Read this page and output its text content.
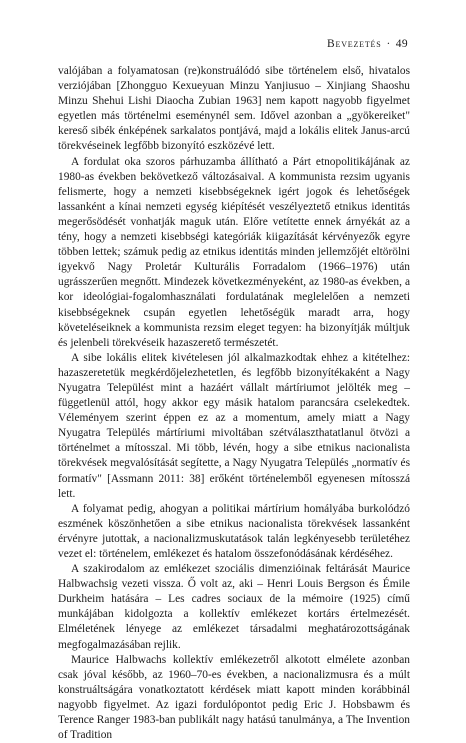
Bevezetés · 49

valójában a folyamatosan (re)konstruálódó sibe történelem első, hivatalos verziójában [Zhongguo Kexueyuan Minzu Yanjiusuo – Xinjiang Shaoshu Minzu Shehui Lishi Diaocha Zubian 1963] nem kapott nagyobb figyelmet egyetlen más történelmi eseménynél sem. Idővel azonban a „gyökereiket" kereső sibék énképének sarkalatos pontjává, majd a lokális elitek Janus-arcú törekvéseinek legfőbb bizonyító eszközévé lett.

A fordulat oka szoros párhuzamba állítható a Párt etnopolitikájának az 1980-as években bekövetkező változásaival. A kommunista rezsim ugyanis felismerte, hogy a nemzeti kisebbségeknek igért jogok és lehetőségek lassanként a kínai nemzeti egység kiépítését veszélyeztető etnikus identitás megerősödését vonhatják maguk után. Előre vetítette ennek árnyékát az a tény, hogy a nemzeti kisebbségi kategóriák kiigazítását kérvényezők egyre többen lettek; számuk pedig az etnikus identitás minden jellemzőjét eltörölni igyekvő Nagy Proletár Kulturális Forradalom (1966–1976) után ugrásszerűen megnőtt. Mindezek következményeként, az 1980-as években, a kor ideológiai-fogalomhasználati fordulatának meglelelően a nemzeti kisebbségeknek csupán egyetlen lehetőségük maradt arra, hogy követeléseiknek a kommunista rezsim eleget tegyen: ha bizonyítják múltjuk és jelenbeli törekvéseik hazaszerető természetét.

A sibe lokális elitek kivételesen jól alkalmazkodtak ehhez a kitételhez: hazaszeretetük megkérdőjelezhetetlen, és legfőbb bizonyítékaként a Nagy Nyugatra Települést mint a hazáért vállalt mártíriumot jelölték meg – függetlenül attól, hogy akkor egy másik hatalom parancsára cselekedtek. Véleményem szerint éppen ez az a momentum, amely miatt a Nagy Nyugatra Település mártíriumi mivoltában szétválaszthatatlanul ötvözi a történelmet a mítosszal. Mi több, lévén, hogy a sibe etnikus nacionalista törekvések megvalósítását segítette, a Nagy Nyugatra Település „normatív és formatív" [Assmann 2011: 38] erőként történelemből egyenesen mítosszá lett.

A folyamat pedig, ahogyan a politikai mártírium homályába burkolódzó eszmének köszönhetően a sibe etnikus nacionalista törekvések lassanként érvényre jutottak, a nacionalizmuskutatások talán legkényesebb területéhez vezet el: történelem, emlékezet és hatalom összefonódásának kérdéséhez.

A szakirodalom az emlékezet szociális dimenzióinak feltárását Maurice Halbwachsig vezeti vissza. Ő volt az, aki – Henri Louis Bergson és Émile Durkheim hatására – Les cadres sociaux de la mémoire (1925) című munkájában kidolgozta a kollektív emlékezet kortárs értelmezését. Elméletének lényege az emlékezet társadalmi meghatározottságának megfogalmazásában rejlik.

Maurice Halbwachs kollektív emlékezetről alkotott elmélete azonban csak jóval később, az 1960–70-es években, a nacionalizmusra és a múlt konstruáltságára vonatkoztatott kérdések miatt kapott minden korábbinál nagyobb figyelmet. Az igazi fordulópontot pedig Eric J. Hobsbawm és Terence Ranger 1983-ban publikált nagy hatású tanulmánya, a The Invention of Tradition
